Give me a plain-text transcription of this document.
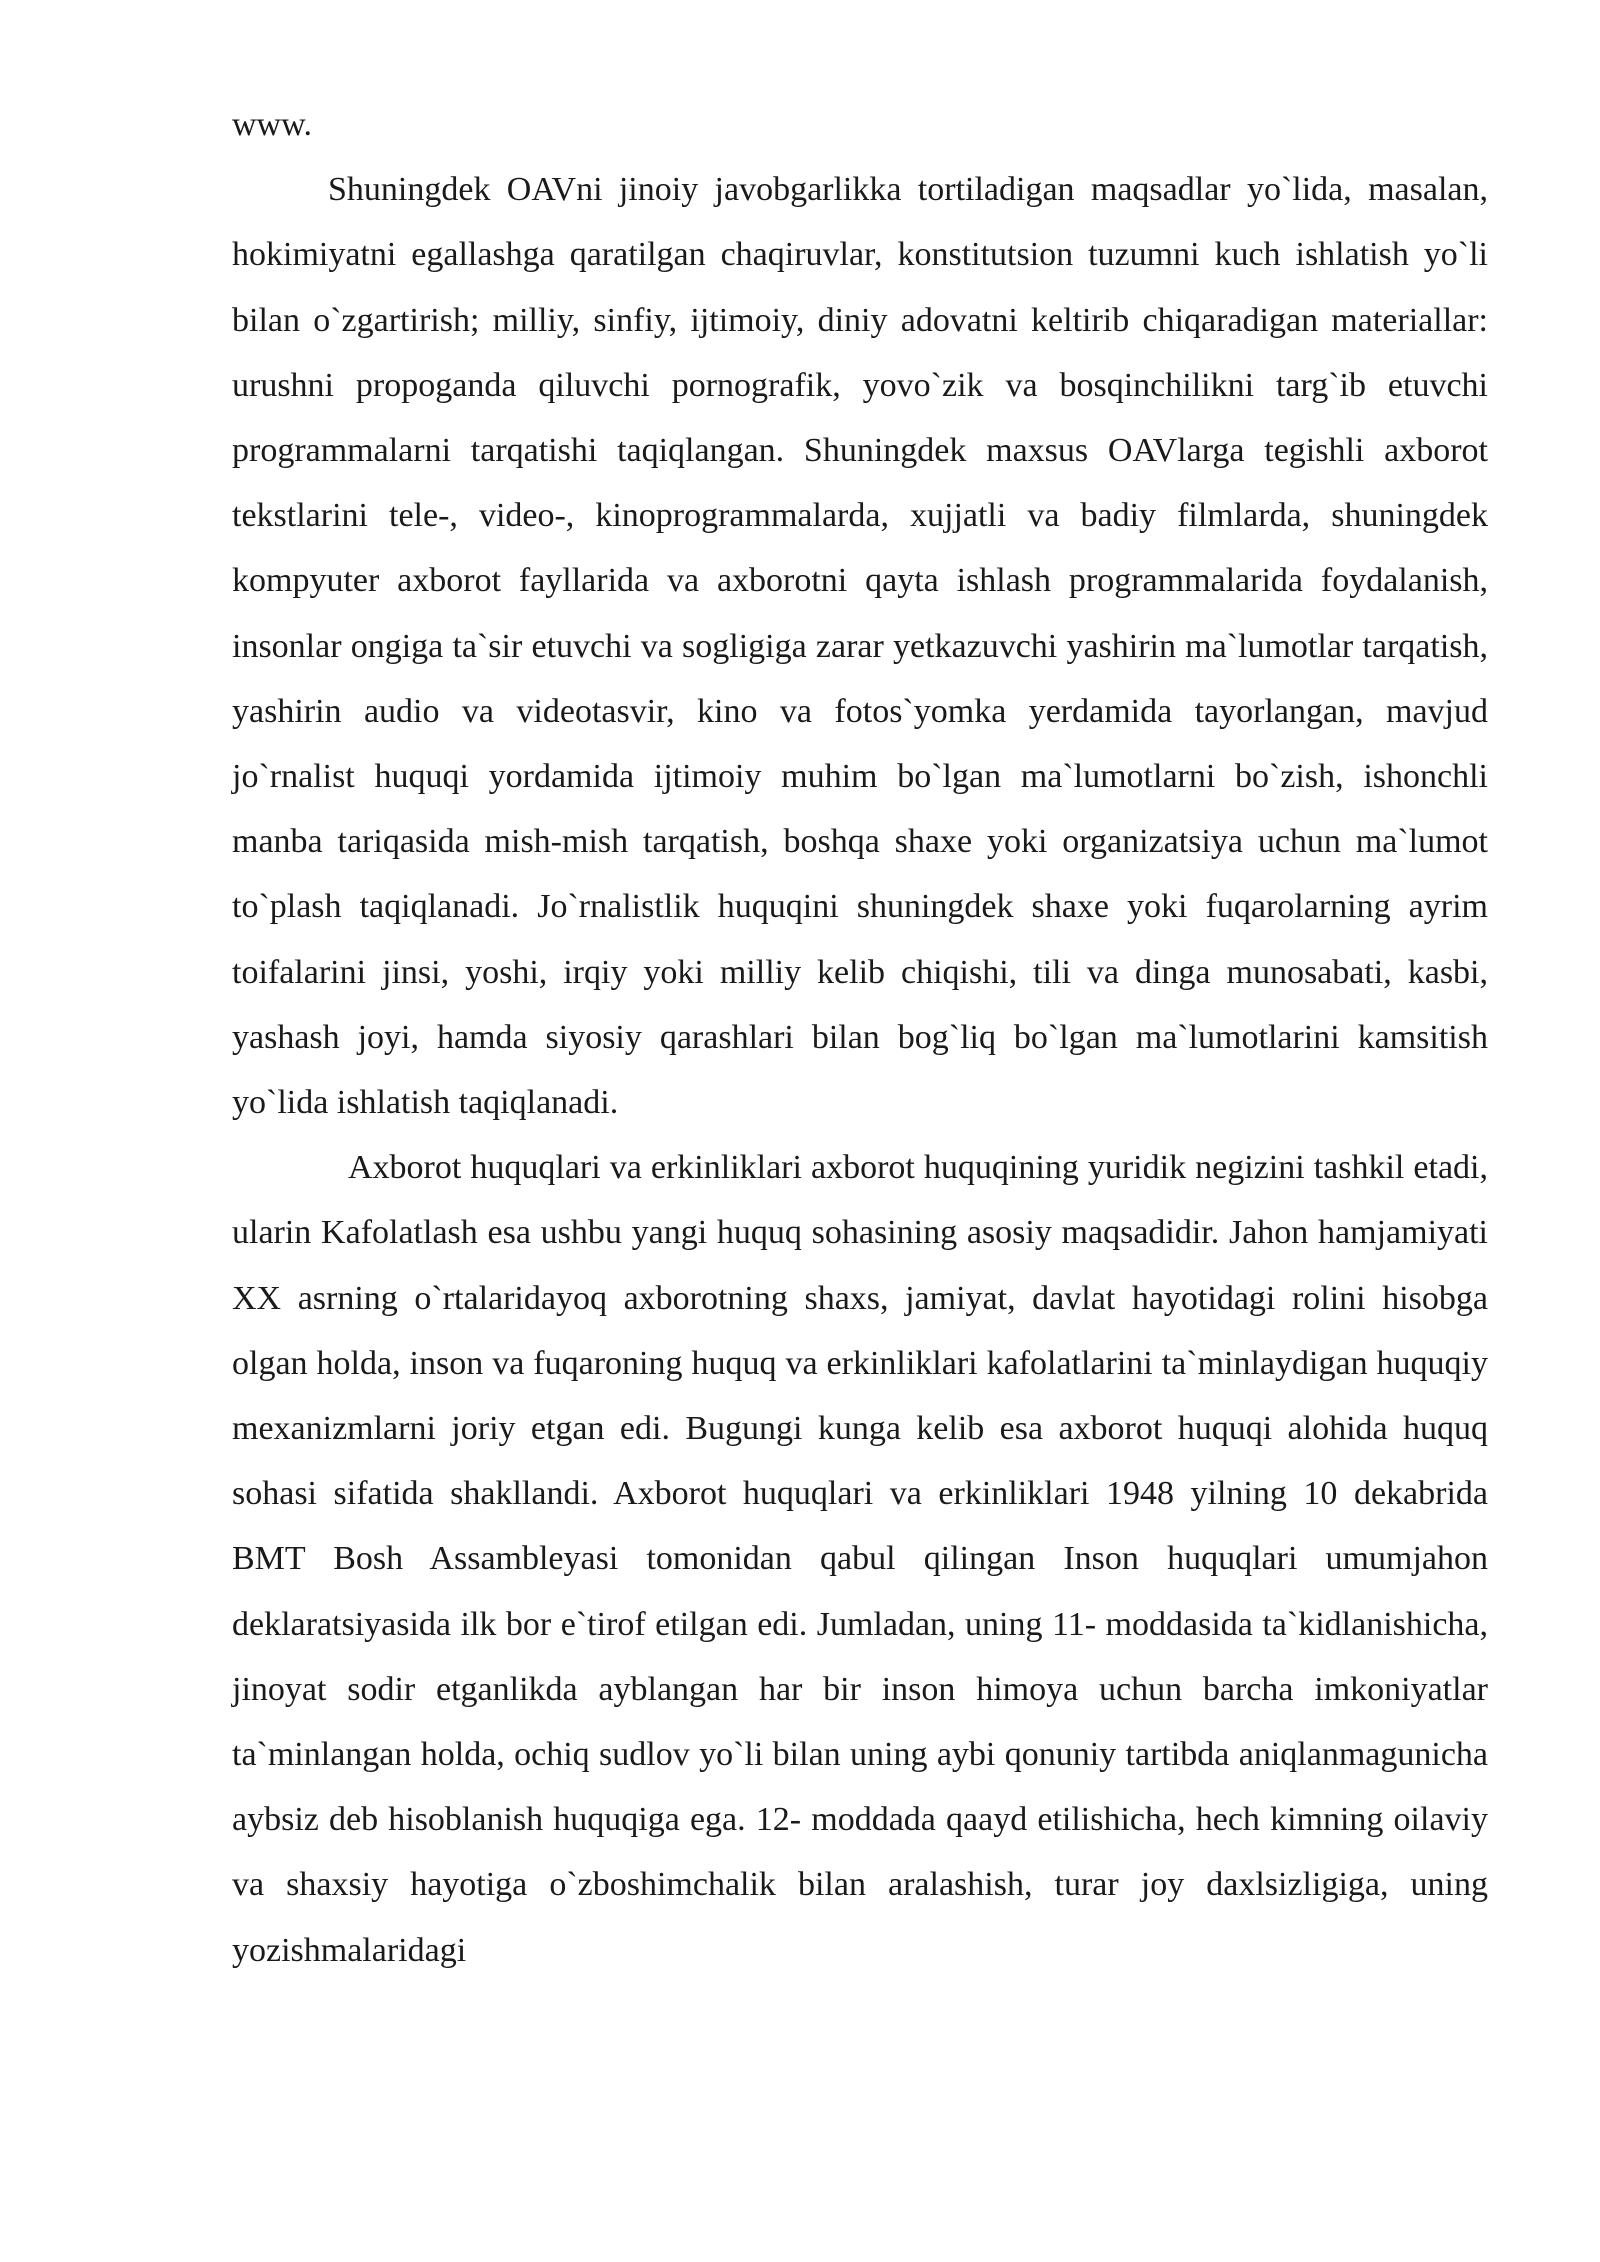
www.

Shuningdek OAVni jinoiy javobgarlikka tortiladigan maqsadlar yo`lida, masalan, hokimiyatni egallashga qaratilgan chaqiruvlar, konstitutsion tuzumni kuch ishlatish yo`li bilan o`zgartirish; milliy, sinfiy, ijtimoiy, diniy adovatni keltirib chiqaradigan materiallar: urushni propoganda qiluvchi pornografik, yovo`zik va bosqinchilikni targ`ib etuvchi programmalarni tarqatishi taqiqlangan. Shuningdek maxsus OAVlarga tegishli axborot tekstlarini tele-, video-, kinoprogrammalarda, xujjatli va badiy filmlarda, shuningdek kompyuter axborot fayllarida va axborotni qayta ishlash programmalarida foydalanish, insonlar ongiga ta`sir etuvchi va sogligiga zarar yetkazuvchi yashirin ma`lumotlar tarqatish, yashirin audio va videotasvir, kino va fotos`yomka yerdamida tayorlangan, mavjud jo`rnalist huquqi yordamida ijtimoiy muhim bo`lgan ma`lumotlarni bo`zish, ishonchli manba tariqasida mish-mish tarqatish, boshqa shaxe yoki organizatsiya uchun ma`lumot to`plash taqiqlanadi. Jo`rnalistlik huquqini shuningdek shaxe yoki fuqarolarning ayrim toifalarini jinsi, yoshi, irqiy yoki milliy kelib chiqishi, tili va dinga munosabati, kasbi, yashash joyi, hamda siyosiy qarashlari bilan bog`liq bo`lgan ma`lumotlarini kamsitish yo`lida ishlatish taqiqlanadi.

Axborot huquqlari va erkinliklari axborot huquqining yuridik negizini tashkil etadi, ularin Kafolatlash esa ushbu yangi huquq sohasining asosiy maqsadidir. Jahon hamjamiyati XX asrning o`rtalaridayoq axborotning shaxs, jamiyat, davlat hayotidagi rolini hisobga olgan holda, inson va fuqaroning huquq va erkinliklari kafolatlarini ta`minlaydigan huquqiy mexanizmlarni joriy etgan edi. Bugungi kunga kelib esa axborot huquqi alohida huquq sohasi sifatida shakllandi. Axborot huquqlari va erkinliklari 1948 yilning 10 dekabrida BMT Bosh Assambleyasi tomonidan qabul qilingan Inson huquqlari umumjahon deklaratsiyasida ilk bor e`tirof etilgan edi. Jumladan, uning 11- moddasida ta`kidlanishicha, jinoyat sodir etganlikda ayblangan har bir inson himoya uchun barcha imkoniyatlar ta`minlangan holda, ochiq sudlov yo`li bilan uning aybi qonuniy tartibda aniqlanmagunicha aybsiz deb hisoblanish huquqiga ega. 12- moddada qaayd etilishicha, hech kimning oilaviy va shaxsiy hayotiga o`zboshimchalik bilan aralashish, turar joy daxlsizligiga, uning yozishmalaridagi
